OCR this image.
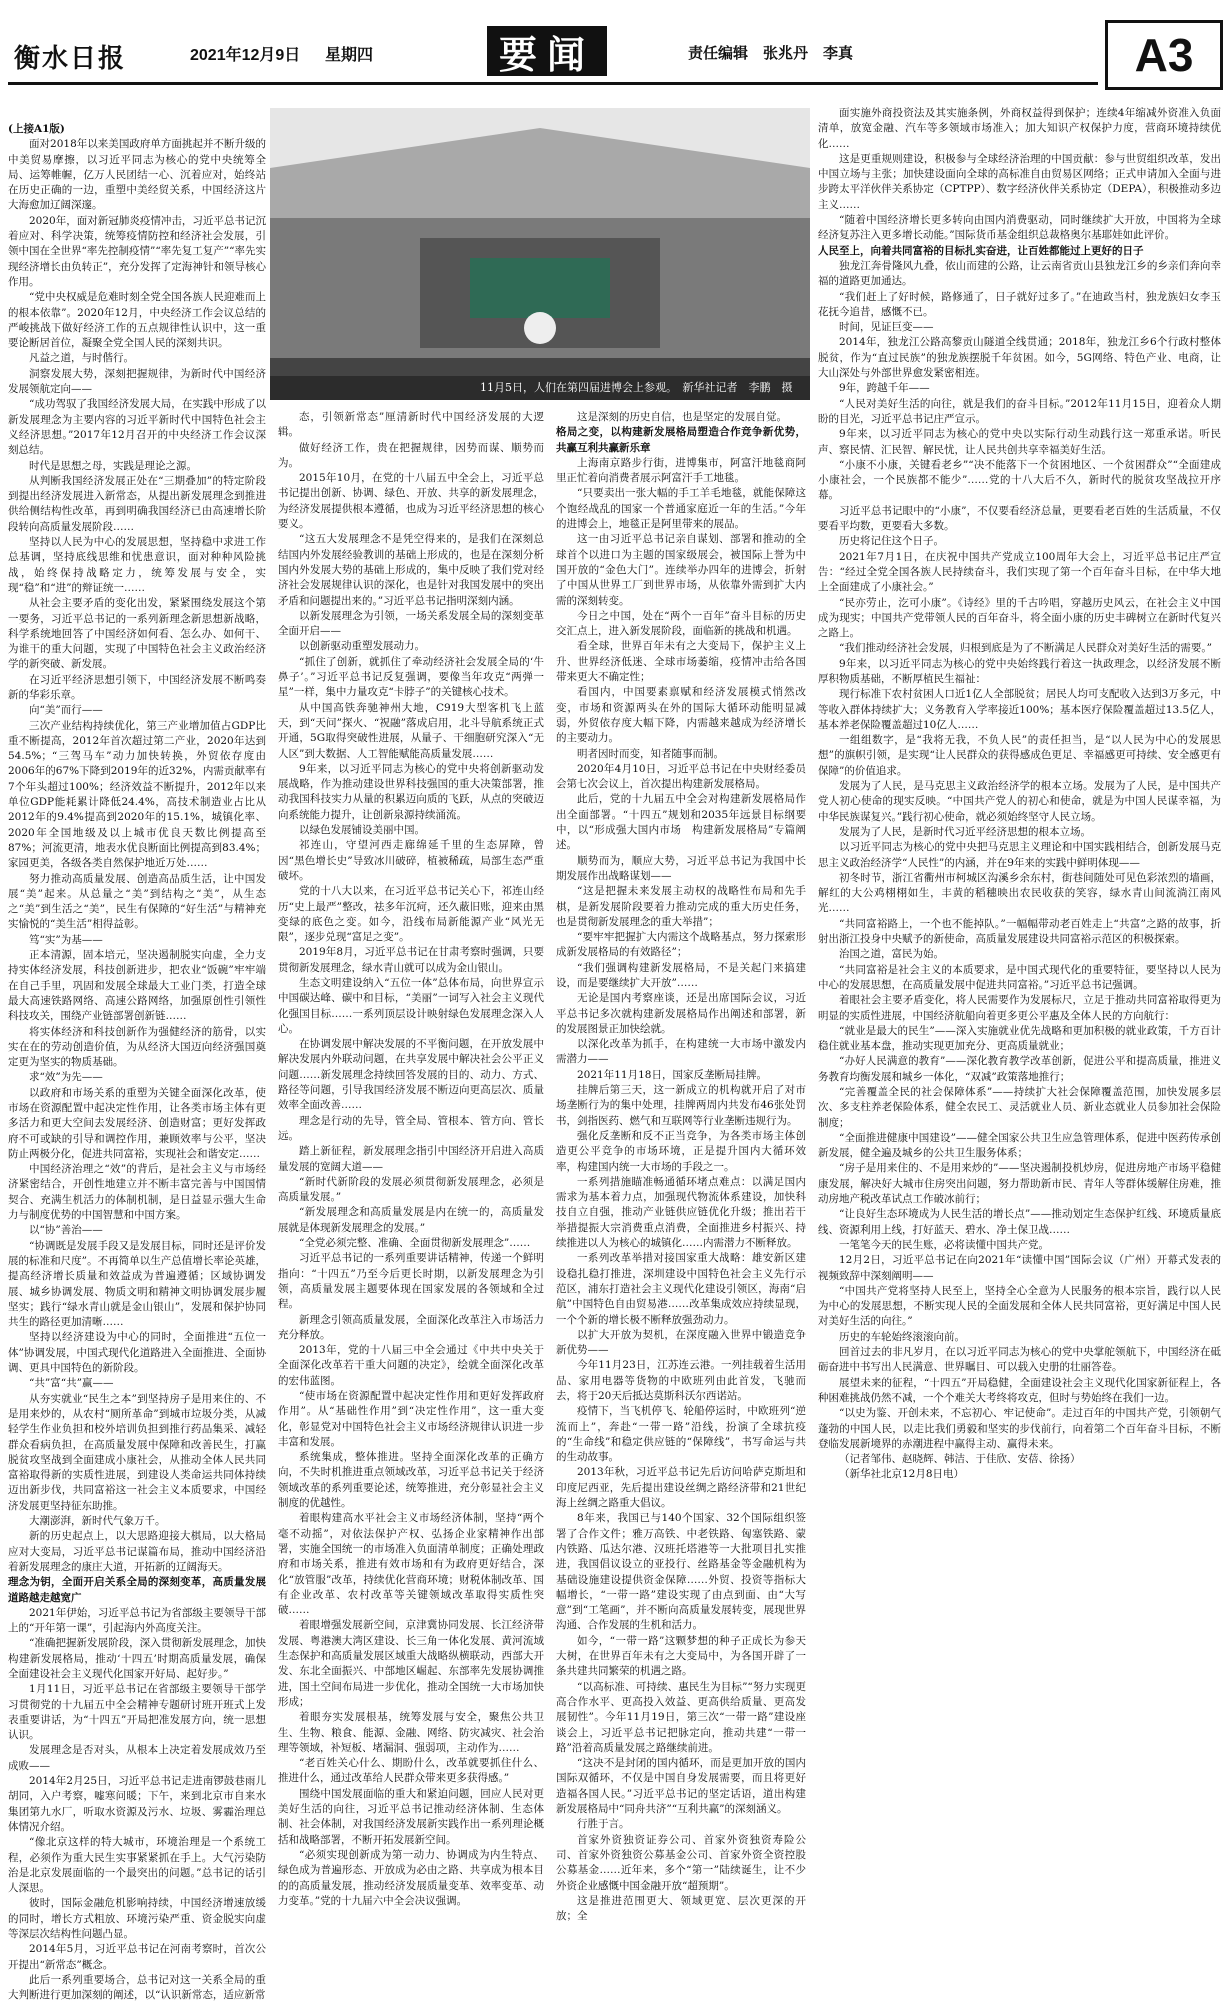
衡水日报	2021年12月9日 星期四	要闻	责任编辑　张兆丹　李真	A3

(上接A1版)

面对2018年以来美国政府单方面挑起并不断升级的中美贸易摩擦，以习近平同志为核心的党中央统筹全局、运筹帷幄，亿万人民团结一心、沉着应对，始终站在历史正确的一边，重塑中美经贸关系，中国经济这片大海愈加辽阔深邃。

2020年，面对新冠肺炎疫情冲击，习近平总书记沉着应对、科学决策，统筹疫情防控和经济社会发展，引领中国在全世界“率先控制疫情”“率先复工复产”“率先实现经济增长由负转正”，充分发挥了定海神针和领导核心作用。

“党中央权威是危难时刻全党全国各族人民迎难而上的根本依靠”。2020年12月，中央经济工作会议总结的严峻挑战下做好经济工作的五点规律性认识中，这一重要论断居首位，凝聚全党全国人民的深刻共识。

凡益之道，与时偕行。

洞察发展大势，深刻把握规律，为新时代中国经济发展领航定向——

“成功驾驭了我国经济发展大局，在实践中形成了以新发展理念为主要内容的习近平新时代中国特色社会主义经济思想。”2017年12月召开的中央经济工作会议深刻总结。

时代是思想之母，实践是理论之源。

从判断我国经济发展正处在“三期叠加”的特定阶段到提出经济发展进入新常态，从提出新发展理念到推进供给侧结构性改革，再到明确我国经济已由高速增长阶段转向高质量发展阶段……

坚持以人民为中心的发展思想，坚持稳中求进工作总基调，坚持底线思维和忧患意识，面对种种风险挑战，始终保持战略定力，统筹发展与安全，实现“稳”和“进”的辩证统一……

从社会主要矛盾的变化出发，紧紧围绕发展这个第一要务，习近平总书记的一系列新理念新思想新战略，科学系统地回答了中国经济如何看、怎么办、如何干、为谁干的重大问题，实现了中国特色社会主义政治经济学的新突破、新发展。

在习近平经济思想引领下，中国经济发展不断鸣奏新的华彩乐章。

向“美”而行——

三次产业结构持续优化，第三产业增加值占GDP比重不断提高，2012年首次超过第二产业，2020年达到54.5%；“三驾马车”动力加快转换，外贸依存度由2006年的67%下降到2019年的近32%，内需贡献率有7个年头超过100%；经济效益不断提升，2012年以来单位GDP能耗累计降低24.4%，高技术制造业占比从2012年的9.4%提高到2020年的15.1%，城镇化率、2020年全国地级及以上城市优良天数比例提高至87%；河流更清，地表水优良断面比例提高到83.4%；家园更美，各级各类自然保护地近万处……

努力推动高质量发展、创造高品质生活，让中国发展“美”起来。从总量之“美”到结构之“美”，从生态之“美”到生活之“美”，民生有保障的“好生活”与精神充实愉悦的“美生活”相得益彰。

笃“实”为基——

正本清源，固本培元，坚决遏制脱实向虚，全力支持实体经济发展，科技创新进步，把农业“饭碗”牢牢端在自己手里，巩固和发展全球最大工业门类，打造全球最大高速铁路网络、高速公路网络，加强原创性引领性科技攻关，围绕产业链部署创新链……

将实体经济和科技创新作为强健经济的筋骨，以实实在在的劳动创造价值，为从经济大国迈向经济强国奠定更为坚实的物质基础。

求“效”为先——

以政府和市场关系的重塑为关键全面深化改革，使市场在资源配置中起决定性作用，让各类市场主体有更多活力和更大空间去发展经济、创造财富；更好发挥政府不可或缺的引导和调控作用，兼顾效率与公平，坚决防止两极分化，促进共同富裕，实现社会和谐安定……

中国经济治理之“效”的背后，是社会主义与市场经济紧密结合，开创性地建立并不断丰富完善与中国国情契合、充满生机活力的体制机制，是日益显示强大生命力与制度优势的中国智慧和中国方案。

以“协”善治——

“协调既是发展手段又是发展目标，同时还是评价发展的标准和尺度”。不再简单以生产总值增长率论英雄，提高经济增长质量和效益成为普遍遵循；区域协调发展、城乡协调发展、物质文明和精神文明协调发展步履坚实；践行“绿水青山就是金山银山”，发展和保护协同共生的路径更加清晰……

坚持以经济建设为中心的同时，全面推进“五位一体”协调发展，中国式现代化道路进入全面推进、全面协调、更具中国特色的新阶段。

“共”富“共”赢——

从夯实就业“民生之本”到坚持房子是用来住的、不是用来炒的，从农村“厕所革命”到城市垃圾分类，从减轻学生作业负担和校外培训负担到推行药品集采、减轻群众看病负担，在高质量发展中保障和改善民生，打赢脱贫攻坚战到全面建成小康社会，从推动全体人民共同富裕取得新的实质性进展，到建设人类命运共同体持续迈出新步伐，共同富裕这一社会主义本质要求，中国经济发展更坚持征东助推。

大潮澎湃，新时代气象万千。

新的历史起点上，以大思路迎接大棋局，以大格局应对大变局，习近平总书记谋篇布局，推动中国经济沿着新发展理念的康庄大道，开拓新的辽阔海天。

理念为钥，全面开启关系全局的深刻变革，高质量发展道路越走越宽广

2021年伊始，习近平总书记为省部级主要领导干部上的“开年第一课”，引起海内外高度关注。

“准确把握新发展阶段，深入贯彻新发展理念，加快构建新发展格局，推动‘十四五’时期高质量发展，确保全面建设社会主义现代化国家开好局、起好步。”

1月11日，习近平总书记在省部级主要领导干部学习贯彻党的十九届五中全会精神专题研讨班开班式上发表重要讲话，为“十四五”开局把准发展方向，统一思想认识。

发展理念是否对头，从根本上决定着发展成效乃至成败——

2014年2月25日，习近平总书记走进南锣鼓巷雨儿胡同，入户考察，嘘寒问暖；下午，来到北京市自来水集团第九水厂，听取水资源及污水、垃圾、雾霾治理总体情况介绍。

“像北京这样的特大城市，环境治理是一个系统工程，必须作为重大民生实事紧紧抓在手上。大气污染防治是北京发展面临的一个最突出的问题。”总书记的话引人深思。

彼时，国际金融危机影响持续，中国经济增速放缓的同时，增长方式粗放、环境污染严重、资金脱实向虚等深层次结构性问题凸显。

2014年5月，习近平总书记在河南考察时，首次公开提出“新常态”概念。

此后一系列重要场合，总书记对这一关系全局的重大判断进行更加深刻的阐述，以“认识新常态，适应新常

11月5日，人们在第四届进博会上参观。　新华社记者　李鹏　摄

态，引领新常态”厘清新时代中国经济发展的大逻辑。

做好经济工作，贵在把握规律，因势而谋、顺势而为。

2015年10月，在党的十八届五中全会上，习近平总书记提出创新、协调、绿色、开放、共享的新发展理念，为经济发展提供根本遵循，也成为习近平经济思想的核心要义。

“这五大发展理念不是凭空得来的，是我们在深刻总结国内外发展经验教训的基础上形成的，也是在深刻分析国内外发展大势的基础上形成的，集中反映了我们党对经济社会发展规律认识的深化，也是针对我国发展中的突出矛盾和问题提出来的。”习近平总书记指明深刻内涵。

以新发展理念为引领，一场关系发展全局的深刻变革全面开启——

以创新驱动重塑发展动力。

“抓住了创新，就抓住了牵动经济社会发展全局的‘牛鼻子’。”习近平总书记反复强调，要像当年攻克“两弹一星”一样，集中力量攻克“卡脖子”的关键核心技术。

从中国高铁奔驰神州大地，C919大型客机飞上蓝天，到“天问”探火、“祝融”落成启用，北斗导航系统正式开通，5G取得突破性进展，从量子、干细胞研究深入“无人区”到大数据、人工智能赋能高质量发展……

9年来，以习近平同志为核心的党中央将创新驱动发展战略，作为推动建设世界科技强国的重大决策部署，推动我国科技实力从量的积累迈向质的飞跃，从点的突破迈向系统能力提升，让创新泉源持续涌流。

以绿色发展铺设美丽中国。

祁连山，守望河西走廊绵延千里的生态屏障，曾因“黑色增长史”导致冰川破碎，植被稀疏，局部生态严重破坏。

党的十八大以来，在习近平总书记关心下，祁连山经历“史上最严”整改，祛多年沉疴，还久蔽旧账，迎来由黑变绿的底色之变。如今，沿线布局新能源产业“风光无限”，逐步兑现“富足之变”。

2019年8月，习近平总书记在甘肃考察时强调，只要贯彻新发展理念，绿水青山就可以成为金山银山。

生态文明建设纳入“五位一体”总体布局，向世界宣示中国碳达峰、碳中和目标，“美丽”一词写入社会主义现代化强国目标……一系列顶层设计映射绿色发展理念深入人心。

在协调发展中解决发展的不平衡问题，在开放发展中解决发展内外联动问题，在共享发展中解决社会公平正义问题……新发展理念持续回答发展的目的、动力、方式、路径等问题，引导我国经济发展不断迈向更高层次、质量效率全面改善……

理念是行动的先导，管全局、管根本、管方向、管长远。

踏上新征程，新发展理念指引中国经济开启进入高质量发展的宽阔大道——

“新时代新阶段的发展必须贯彻新发展理念，必须是高质量发展。”

“新发展理念和高质量发展是内在统一的，高质量发展就是体现新发展理念的发展。”

“全党必须完整、准确、全面贯彻新发展理念”……

习近平总书记的一系列重要讲话精神，传递一个鲜明指向：“十四五”乃至今后更长时期，以新发展理念为引领，高质量发展主题要体现在国家发展的各领域和全过程。

新理念引领高质量发展，全面深化改革注入市场活力充分释放。

2013年，党的十八届三中全会通过《中共中央关于全面深化改革若干重大问题的决定》，绘就全面深化改革的宏伟蓝图。

“使市场在资源配置中起决定性作用和更好发挥政府作用”。从“基础性作用”到“决定性作用”，这一重大变化，彰显党对中国特色社会主义市场经济规律认识进一步丰富和发展。

系统集成，整体推进。坚持全面深化改革的正确方向，不失时机推进重点领域改革，习近平总书记关于经济领域改革的系列重要论述，统筹推进，充分彰显社会主义制度的优越性。

着眼构建高水平社会主义市场经济体制，坚持“两个毫不动摇”，对依法保护产权、弘扬企业家精神作出部署，实施全国统一的市场准入负面清单制度；正确处理政府和市场关系，推进有效市场和有为政府更好结合，深化“放管服”改革，持续优化营商环境；财税体制改革、国有企业改革、农村改革等关键领域改革取得实质性突破……

着眼增强发展新空间，京津冀协同发展、长江经济带发展、粤港澳大湾区建设、长三角一体化发展、黄河流域生态保护和高质量发展区域重大战略纵横联动，西部大开发、东北全面振兴、中部地区崛起、东部率先发展协调推进，国土空间布局进一步优化，推动全国统一大市场加快形成；

着眼夯实发展根基，统筹发展与安全，聚焦公共卫生、生物、粮食、能源、金融、网络、防灾减灾、社会治理等领域，补短板、堵漏洞、强弱项，主动作为……

“老百姓关心什么、期盼什么，改革就要抓住什么、推进什么，通过改革给人民群众带来更多获得感。”

围绕中国发展面临的重大和紧迫问题，回应人民对更美好生活的向往，习近平总书记推动经济体制、生态体制、社会体制，对我国经济发展新实践作出一系列理论概括和战略部署，不断开拓发展新空间。

“必须实现创新成为第一动力、协调成为内生特点、绿色成为普遍形态、开放成为必由之路、共享成为根本目的的高质量发展，推动经济发展质量变革、效率变革、动力变革。”党的十九届六中全会决议强调。

这是深刻的历史自信，也是坚定的发展自觉。

格局之变，以构建新发展格局塑造合作竞争新优势，共赢互利共赢新乐章

上海南京路步行街，进博集市，阿富汗地毯商阿里正忙着向消费者展示阿富汗手工地毯。

“只要卖出一张大幅的手工羊毛地毯，就能保障这个饱经战乱的国家一个普通家庭近一年的生活。”今年的进博会上，地毯正是阿里带来的展品。

这一由习近平总书记亲自谋划、部署和推动的全球首个以进口为主题的国家级展会，被国际上誉为中国开放的“金色大门”。连续举办四年的进博会，折射了中国从世界工厂到世界市场，从依靠外需到扩大内需的深刻转变。

今日之中国，处在“两个一百年”奋斗目标的历史交汇点上，进入新发展阶段，面临新的挑战和机遇。

看全球，世界百年未有之大变局下，保护主义上升、世界经济低迷、全球市场萎缩，疫情冲击给各国带来更大不确定性；

看国内，中国要素禀赋和经济发展模式悄然改变，市场和资源两头在外的国际大循环动能明显减弱，外贸依存度大幅下降，内需越来越成为经济增长的主要动力。

明者因时而变，知者随事而制。

2020年4月10日，习近平总书记在中央财经委员会第七次会议上，首次提出构建新发展格局。

此后，党的十九届五中全会对构建新发展格局作出全面部署。“十四五”规划和2035年远景目标纲要中，以“形成强大国内市场　构建新发展格局”专篇阐述。

顺势而为，顺应大势，习近平总书记为我国中长期发展作出战略谋划——

“这是把握未来发展主动权的战略性布局和先手棋，是新发展阶段要着力推动完成的重大历史任务，也是贯彻新发展理念的重大举措”；

“要牢牢把握扩大内需这个战略基点，努力探索形成新发展格局的有效路径”；

“我们强调构建新发展格局，不是关起门来搞建设，而是要继续扩大开放”……

无论是国内考察座谈，还是出席国际会议，习近平总书记多次就构建新发展格局作出阐述和部署，新的发展图景正加快绘就。

以深化改革为抓手，在构建统一大市场中激发内需潜力——

2021年11月18日，国家反垄断局挂牌。

挂牌后第三天，这一新成立的机构就开启了对市场垄断行为的集中处理，挂牌两周内共发布46张处罚书，剑指医药、燃气和互联网等行业垄断违规行为。

强化反垄断和反不正当竞争，为各类市场主体创造更公平竞争的市场环境，正是提升国内大循环效率，构建国内统一大市场的手段之一。

一系列措施瞄准畅通循环堵点难点：以满足国内需求为基本着力点，加强现代物流体系建设，加快科技自立自强，推动产业链供应链优化升级；推出若干举措提振大宗消费重点消费，全面推进乡村振兴、持续推进以人为核心的城镇化……内需潜力不断释放。

一系列改革举措对接国家重大战略：雄安新区建设稳扎稳打推进，深圳建设中国特色社会主义先行示范区，浦东打造社会主义现代化建设引领区，海南“启航”中国特色自由贸易港……改革集成效应持续显现，一个个新的增长极不断释放强劲动力。

以扩大开放为契机，在深度融入世界中锻造竞争新优势——

今年11月23日，江苏连云港。一列挂载着生活用品、家用电器等货物的中欧班列由此首发，飞驰而去，将于20天后抵达莫斯科沃尔西诺站。

疫情下，当飞机停飞、轮船停运时，中欧班列“逆流而上”，奔赴“一带一路”沿线，扮演了全球抗疫的“生命线”和稳定供应链的“保障线”，书写命运与共的生动故事。

2013年秋，习近平总书记先后访问哈萨克斯坦和印度尼西亚，先后提出建设丝绸之路经济带和21世纪海上丝绸之路重大倡议。

8年来，我国已与140个国家、32个国际组织签署了合作文件；雅万高铁、中老铁路、匈塞铁路、蒙内铁路、瓜达尔港、汉班托塔港等一大批项目扎实推进，我国倡议设立的亚投行、丝路基金等金融机构为基础设施建设提供资金保障……外贸、投资等指标大幅增长，“一带一路”建设实现了由点到面、由“大写意”到“工笔画”，并不断向高质量发展转变，展现世界沟通、合作发展的生机和活力。

如今，“一带一路”这颗梦想的种子正成长为参天大树，在世界百年未有之大变局中，为各国开辟了一条共建共同繁荣的机遇之路。

“以高标准、可持续、惠民生为目标”“努力实现更高合作水平、更高投入效益、更高供给质量、更高发展韧性”。今年11月19日，第三次“一带一路”建设座谈会上，习近平总书记把脉定向，推动共建“一带一路”沿着高质量发展之路继续前进。

“这决不是封闭的国内循环，而是更加开放的国内国际双循环，不仅是中国自身发展需要，而且将更好造福各国人民。”习近平总书记的坚定话语，道出构建新发展格局中“同舟共济”“互利共赢”的深刻涵义。

行胜于言。

首家外资独资证券公司、首家外资独资寿险公司、首家外资独资公募基金公司、首家外资全资控股公募基金……近年来，多个“第一”陆续诞生，让不少外资企业感慨中国金融开放“超预期”。

这是推进范围更大、领域更宽、层次更深的开放；全

面实施外商投资法及其实施条例，外商权益得到保护；连续4年缩减外资准入负面清单，放宽金融、汽车等多领域市场准入；加大知识产权保护力度，营商环境持续优化……

这是更重规则建设，积极参与全球经济治理的中国贡献：参与世贸组织改革，发出中国立场与主张；加快建设面向全球的高标准自由贸易区网络；正式申请加入全面与进步跨太平洋伙伴关系协定（CPTPP）、数字经济伙伴关系协定（DEPA），积极推动多边主义……

“随着中国经济增长更多转向由国内消费驱动，同时继续扩大开放，中国将为全球经济复苏注入更多增长动能。”国际货币基金组织总裁格奥尔基耶娃如此评价。

人民至上，向着共同富裕的目标扎实奋进，让百姓都能过上更好的日子

独龙江奔骨隆风九叠，依山而建的公路，让云南省贡山县独龙江乡的乡亲们奔向幸福的道路更加通达。

“我们赶上了好时候，路修通了，日子就好过多了。”在迪政当村，独龙族妇女李玉花抚今追昔，感慨不已。

时间，见证巨变——

2014年，独龙江公路高黎贡山隧道全线贯通；2018年，独龙江乡6个行政村整体脱贫，作为“直过民族”的独龙族摆脱千年贫困。如今，5G网络、特色产业、电商，让大山深处与外部世界愈发紧密相连。

9年，跨越千年——

“人民对美好生活的向往，就是我们的奋斗目标。”2012年11月15日，迎着众人期盼的目光，习近平总书记庄严宣示。

9年来，以习近平同志为核心的党中央以实际行动生动践行这一郑重承诺。听民声、察民情、汇民智、解民忧，让人民共创共享幸福美好生活。

“小康不小康，关键看老乡”“决不能落下一个贫困地区、一个贫困群众”“全面建成小康社会，一个民族都不能少”……党的十八大后不久，新时代的脱贫攻坚战拉开序幕。

习近平总书记眼中的“小康”，不仅要看经济总量，更要看老百姓的生活质量，不仅要看平均数，更要看大多数。

历史将记住这个日子。

2021年7月1日，在庆祝中国共产党成立100周年大会上，习近平总书记庄严宣告：“经过全党全国各族人民持续奋斗，我们实现了第一个百年奋斗目标，在中华大地上全面建成了小康社会。”

“民亦劳止，汔可小康”。《诗经》里的千古吟唱，穿越历史风云，在社会主义中国成为现实；中国共产党带领人民的百年奋斗，将全面小康的历史丰碑树立在新时代复兴之路上。

“我们推动经济社会发展，归根到底是为了不断满足人民群众对美好生活的需要。”

9年来，以习近平同志为核心的党中央始终践行着这一执政理念，以经济发展不断厚积物质基础，不断厚植民生福祉：

现行标准下农村贫困人口近1亿人全部脱贫；居民人均可支配收入达到3万多元，中等收入群体持续扩大；义务教育入学率接近100%；基本医疗保险覆盖超过13.5亿人，基本养老保险覆盖超过10亿人……

一组组数字，是“我将无我，不负人民”的责任担当，是“以人民为中心的发展思想”的旗帜引领，是实现“让人民群众的获得感成色更足、幸福感更可持续、安全感更有保障”的价值追求。

发展为了人民，是马克思主义政治经济学的根本立场。发展为了人民，是中国共产党人初心使命的现实反映。“中国共产党人的初心和使命，就是为中国人民谋幸福，为中华民族谋复兴。”践行初心使命，就必须始终坚守人民立场。

发展为了人民，是新时代习近平经济思想的根本立场。

以习近平同志为核心的党中央把马克思主义理论和中国实践相结合，创新发展马克思主义政治经济学“人民性”的内涵，并在9年来的实践中鲜明体现——

初冬时节，浙江省衢州市柯城区沟溪乡余东村，街巷间随处可见色彩浓烈的墙画，解红的大公鸡栩栩如生，丰黄的稻穗映出农民收获的笑容，绿水青山间流淌江南风光……

“共同富裕路上，一个也不能掉队。”一幅幅带动老百姓走上“共富”之路的故事，折射出浙江投身中央赋予的新使命，高质量发展建设共同富裕示范区的积极探索。

治国之道，富民为始。

“共同富裕是社会主义的本质要求，是中国式现代化的重要特征，要坚持以人民为中心的发展思想，在高质量发展中促进共同富裕。”习近平总书记强调。

着眼社会主要矛盾变化，将人民需要作为发展标尺，立足于推动共同富裕取得更为明显的实质性进展，中国经济航船向着更多更公平惠及全体人民的方向航行：

“就业是最大的民生”——深入实施就业优先战略和更加积极的就业政策，千方百计稳住就业基本盘，推动实现更加充分、更高质量就业；

“办好人民满意的教育”——深化教育教学改革创新，促进公平和提高质量，推进义务教育均衡发展和城乡一体化，“双减”政策落地推行；

“完善覆盖全民的社会保障体系”——持续扩大社会保障覆盖范围，加快发展多层次、多支柱养老保险体系，健全农民工、灵活就业人员、新业态就业人员参加社会保险制度；

“全面推进健康中国建设”——健全国家公共卫生应急管理体系，促进中医药传承创新发展，健全遍及城乡的公共卫生服务体系；

“房子是用来住的、不是用来炒的”——坚决遏制投机炒房，促进房地产市场平稳健康发展，解决好大城市住房突出问题，努力帮助新市民、青年人等群体缓解住房难，推动房地产税改革试点工作破冰前行；

“让良好生态环境成为人民生活的增长点”——推动划定生态保护红线、环境质量底线、资源利用上线，打好蓝天、碧水、净土保卫战……

一笔笔今天的民生账，必将读懂中国共产党。

12月2日，习近平总书记在向2021年“读懂中国”国际会议（广州）开幕式发表的视频致辞中深刻阐明——

“中国共产党将坚持人民至上，坚持全心全意为人民服务的根本宗旨，践行以人民为中心的发展思想，不断实现人民的全面发展和全体人民共同富裕，更好满足中国人民对美好生活的向往。”

历史的车轮始终滚滚向前。

回首过去的非凡岁月，在以习近平同志为核心的党中央掌舵领航下，中国经济在砥砺奋进中书写出人民满意、世界瞩目、可以载入史册的壮丽答卷。

展望未来的征程，“十四五”开局稳健，全面建设社会主义现代化国家新征程上，各种困难挑战仍然不减，一个个难关大考终将攻克，但时与势始终在我们一边。

“以史为鉴、开创未来，不忘初心、牢记使命”。走过百年的中国共产党，引领朝气蓬勃的中国人民，以走比我们勇毅和坚实的步伐前行，向着第二个百年奋斗目标，不断登临发展新境界的赤潮进程中赢得主动、赢得未来。

（记者邹伟、赵晓辉、韩洁、于佳欣、安蓓、徐扬）

（新华社北京12月8日电）
